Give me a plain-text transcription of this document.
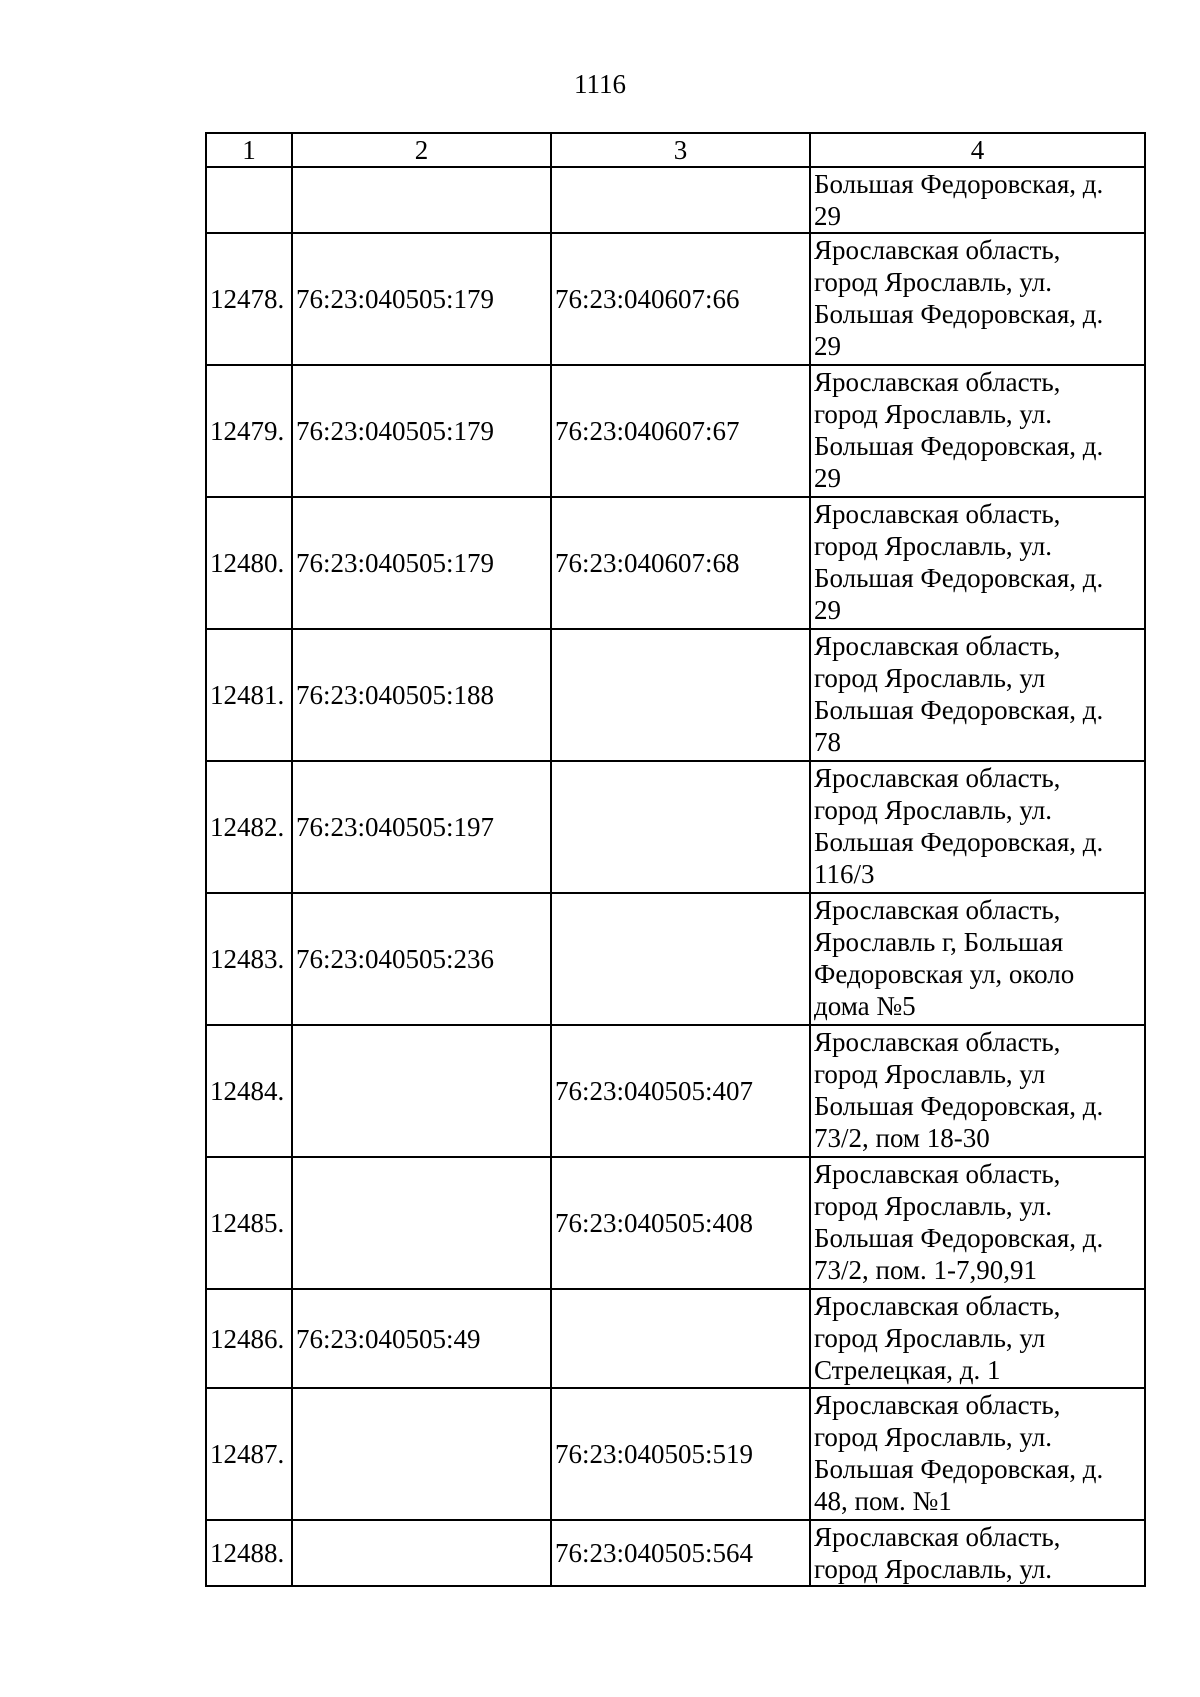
1116
1	2	3	4
			Большая Федоровская, д.
29
12478.	76:23:040505:179	76:23:040607:66	Ярославская область,
город Ярославль, ул.
Большая Федоровская, д.
29
12479.	76:23:040505:179	76:23:040607:67	Ярославская область,
город Ярославль, ул.
Большая Федоровская, д.
29
12480.	76:23:040505:179	76:23:040607:68	Ярославская область,
город Ярославль, ул.
Большая Федоровская, д.
29
12481.	76:23:040505:188		Ярославская область,
город Ярославль, ул
Большая Федоровская, д.
78
12482.	76:23:040505:197		Ярославская область,
город Ярославль, ул.
Большая Федоровская, д.
116/3
12483.	76:23:040505:236		Ярославская область,
Ярославль г, Большая
Федоровская ул, около
дома №5
12484.		76:23:040505:407	Ярославская область,
город Ярославль, ул
Большая Федоровская, д.
73/2, пом 18-30
12485.		76:23:040505:408	Ярославская область,
город Ярославль, ул.
Большая Федоровская, д.
73/2, пом. 1-7,90,91
12486.	76:23:040505:49		Ярославская область,
город Ярославль, ул
Стрелецкая, д. 1
12487.		76:23:040505:519	Ярославская область,
город Ярославль, ул.
Большая Федоровская, д.
48, пом. №1
12488.		76:23:040505:564	Ярославская область,
город Ярославль, ул.
